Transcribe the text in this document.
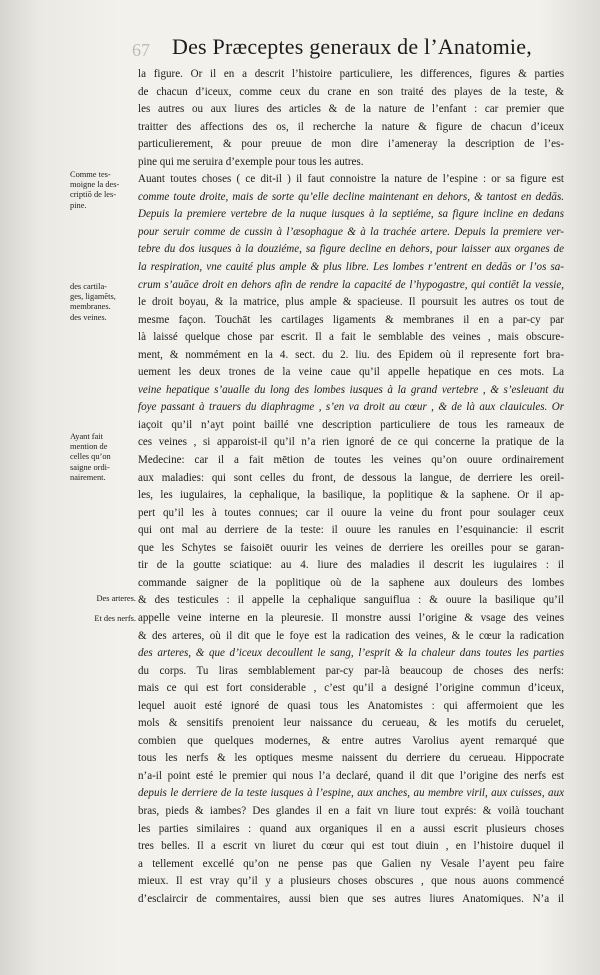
67 Des Præceptes generaux de l’Anatomie,
la figure. Or il en a descrit l’histoire particuliere, les differences, figures & parties
de chacun d’iceux, comme ceux du crane en son traité des playes de la teste, &
les autres ou aux liures des articles & de la nature de l’enfant : car premier que
traitter des affections des os, il recherche la nature & figure de chacun d’iceux
particulierement, & pour preuue de mon dire i’ameneray la description de l’es-
pine qui me seruira d’exemple pour tous les autres.
Auant toutes choses ( ce dit-il ) il faut connoistre la nature de l’espine : or sa figure est
comme toute droite, mais de sorte qu’elle decline maintenant en dehors, & tantost en dedās.
Depuis la premiere vertebre de la nuque iusques à la septiéme, sa figure incline en dedans
pour seruir comme de cussin à l’æsophague & à la trachée artere. Depuis la premiere ver-
tebre du dos iusques à la douziéme, sa figure decline en dehors, pour laisser aux organes de
la respiration, vne cauité plus ample & plus libre. Les lombes r’entrent en dedās or l’os sa-
crum s’auāce droit en dehors afin de rendre la capacité de l’hypogastre, qui contiēt la vessie,
le droit boyau, & la matrice, plus ample & spacieuse. Il poursuit les autres os tout de
mesme façon. Touchāt les cartilages ligaments & membranes il en a par-cy par
là laissé quelque chose par escrit. Il a fait le semblable des veines , mais obscure-
ment, & nommément en la 4. sect. du 2. liu. des Epidem où il represente fort bra-
uement les deux trones de la veine caue qu’il appelle hepatique en ces mots. La
veine hepatique s’aualle du long des lombes iusques à la grand vertebre , & s’esleuant du
foye passant à trauers du diaphragme , s’en va droit au cœur , & de là aux clauicules. Or
iaçoit qu’il n’ayt point baillé vne description particuliere de tous les rameaux de
ces veines , si apparoist-il qu’il n’a rien ignoré de ce qui concerne la pratique de la
Medecine: car il a fait mētion de toutes les veines qu’on ouure ordinairement
aux maladies: qui sont celles du front, de dessous la langue, de derriere les oreil-
les, les iugulaires, la cephalique, la basilique, la poplitique & la saphene. Or il ap-
pert qu’il les à toutes connues; car il ouure la veine du front pour soulager ceux
qui ont mal au derriere de la teste: il ouure les ranules en l’esquinancie: il escrit
que les Schytes se faisoiēt ouurir les veines de derriere les oreilles pour se garan-
tir de la goutte sciatique: au 4. liure des maladies il descrit les iugulaires : il
commande saigner de la poplitique où de la saphene aux douleurs des lombes
& des testicules : il appelle la cephalique sanguiflua : & ouure la basilique qu’il
appelle veine interne en la pleuresie. Il monstre aussi l’origine & vsage des veines
& des arteres, où il dit que le foye est la radication des veines, & le cœur la radication
des arteres, & que d’iceux decoullent le sang, l’esprit & la chaleur dans toutes les parties
du corps. Tu liras semblablement par-cy par-là beaucoup de choses des nerfs:
mais ce qui est fort considerable , c’est qu’il a designé l’origine commun d’iceux,
lequel auoit esté ignoré de quasi tous les Anatomistes : qui affermoient que les
mols & sensitifs prenoient leur naissance du cerueau, & les motifs du ceruelet,
combien que quelques modernes, & entre autres Varolius ayent remarqué que
tous les nerfs & les optiques mesme naissent du derriere du cerueau. Hippocrate
n’a-il point esté le premier qui nous l’a declaré, quand il dit que l’origine des nerfs est
depuis le derriere de la teste iusques à l’espine, aux anches, au membre viril, aux cuisses, aux
bras, pieds & iambes? Des glandes il en a fait vn liure tout exprés: & voilà touchant
les parties similaires : quand aux organiques il en a aussi escrit plusieurs choses
tres belles. Il a escrit vn liuret du cœur qui est tout diuin , en l’histoire duquel il
a tellement excellé qu’on ne pense pas que Galien ny Vesale l’ayent peu faire
mieux. Il est vray qu’il y a plusieurs choses obscures , que nous auons commencé
d’esclaircir de commentaires, aussi bien que ses autres liures Anatomiques. N’a il
Comme tes-
moigne la des-
criptiō de les-
pine.
des cartila-
ges, ligamēts,
membranes.
des veines.
Ayant fait
mention de
celles qu’on
saigne ordi-
nairement.
Des arteres.
Et des nerfs.
